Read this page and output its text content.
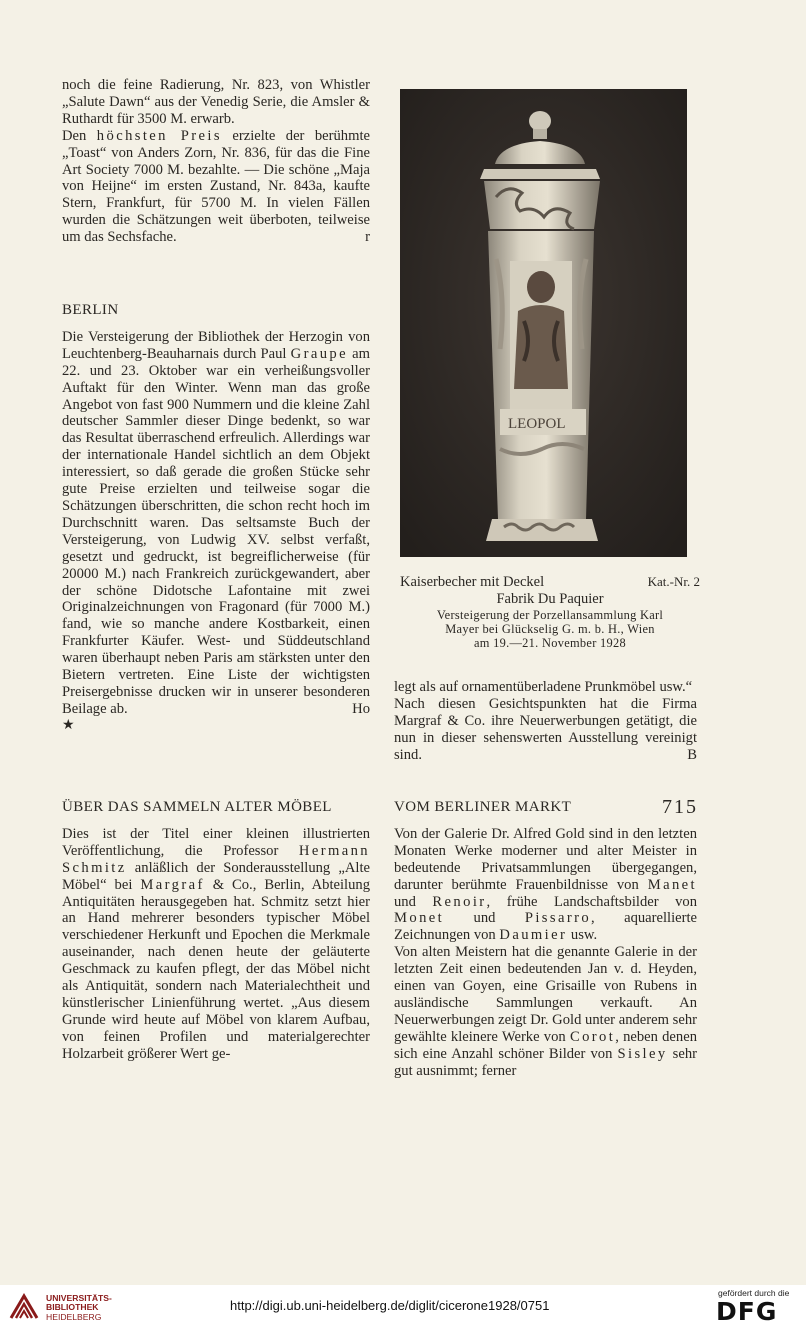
noch die feine Radierung, Nr. 823, von Whistler „Salute Dawn“ aus der Venedig Serie, die Amsler & Ruthardt für 3500 M. erwarb.

Den höchsten Preis erzielte der berühmte „Toast“ von Anders Zorn, Nr. 836, für das die Fine Art Society 7000 M. bezahlte. — Die schöne „Maja von Heijne“ im ersten Zustand, Nr. 843a, kaufte Stern, Frankfurt, für 5700 M. In vielen Fällen wurden die Schätzungen weit überboten, teilweise um das Sechsfache.	r

BERLIN

Die Versteigerung der Bibliothek der Herzogin von Leuchtenberg-Beauharnais durch Paul Graupe am 22. und 23. Oktober war ein verheißungsvoller Auftakt für den Winter. Wenn man das große Angebot von fast 900 Nummern und die kleine Zahl deutscher Sammler dieser Dinge bedenkt, so war das Resultat überraschend erfreulich. Allerdings war der internationale Handel sichtlich an dem Objekt interessiert, so daß gerade die großen Stücke sehr gute Preise erzielten und teilweise sogar die Schätzungen überschritten, die schon recht hoch im Durchschnitt waren. Das seltsamste Buch der Versteigerung, von Ludwig XV. selbst verfaßt, gesetzt und gedruckt, ist begreiflicherweise (für 20000 M.) nach Frankreich zurückgewandert, aber der schöne Didotsche Lafontaine mit zwei Originalzeichnungen von Fragonard (für 7000 M.) fand, wie so manche andere Kostbarkeit, einen Frankfurter Käufer. West- und Süddeutschland waren überhaupt neben Paris am stärksten unter den Bietern vertreten. Eine Liste der wichtigsten Preisergebnisse drucken wir in unserer besonderen Beilage ab.	Ho

★

ÜBER DAS SAMMELN ALTER MÖBEL

Dies ist der Titel einer kleinen illustrierten Veröffentlichung, die Professor Hermann Schmitz anläßlich der Sonderausstellung „Alte Möbel“ bei Margraf & Co., Berlin, Abteilung Antiquitäten herausgegeben hat. Schmitz setzt hier an Hand mehrerer besonders typischer Möbel verschiedener Herkunft und Epochen die Merkmale auseinander, nach denen heute der geläuterte Geschmack zu kaufen pflegt, der das Möbel nicht als Antiquität, sondern nach Materialechtheit und künstlerischer Linienführung wertet. „Aus diesem Grunde wird heute auf Möbel von klarem Aufbau, von feinen Profilen und materialgerechter Holzarbeit größerer Wert ge-

LEOPOL
Kaiserbecher mit Deckel	Kat.-Nr. 2
Fabrik Du Paquier
Versteigerung der Porzellansammlung Karl
Mayer bei Glückselig G. m. b. H., Wien
am 19.—21. November 1928

legt als auf ornamentüberladene Prunkmöbel usw.“

Nach diesen Gesichtspunkten hat die Firma Margraf & Co. ihre Neuerwerbungen getätigt, die nun in dieser sehenswerten Ausstellung vereinigt sind.	B

VOM BERLINER MARKT

Von der Galerie Dr. Alfred Gold sind in den letzten Monaten Werke moderner und alter Meister in bedeutende Privatsammlungen übergegangen, darunter berühmte Frauenbildnisse von Manet und Renoir, frühe Landschaftsbilder von Monet und Pissarro, aquarellierte Zeichnungen von Daumier usw.

Von alten Meistern hat die genannte Galerie in der letzten Zeit einen bedeutenden Jan v. d. Heyden, einen van Goyen, eine Grisaille von Rubens in ausländische Sammlungen verkauft. An Neuerwerbungen zeigt Dr. Gold unter anderem sehr gewählte kleinere Werke von Corot, neben denen sich eine Anzahl schöner Bilder von Sisley sehr gut ausnimmt; ferner

715
UNIVERSITÄTS-
BIBLIOTHEK
HEIDELBERG
http://digi.ub.uni-heidelberg.de/diglit/cicerone1928/0751
gefördert durch die
DFG
